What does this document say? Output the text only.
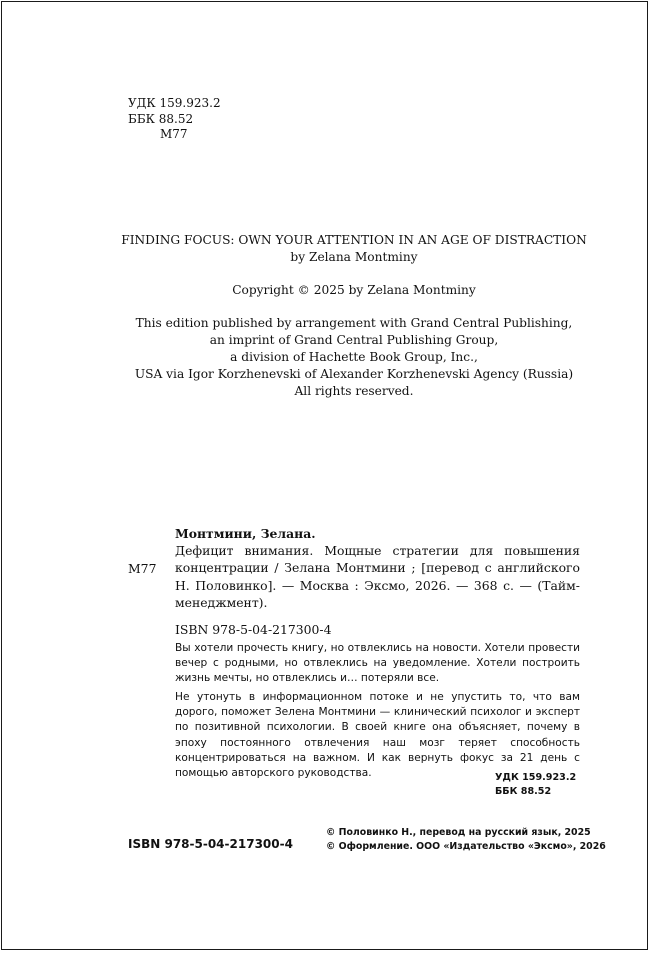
УДК 159.923.2
ББК 88.52
М77
FINDING FOCUS: OWN YOUR ATTENTION IN AN AGE OF DISTRACTION
by Zelana Montminy
Copyright © 2025 by Zelana Montminy
This edition published by arrangement with Grand Central Publishing,
an imprint of Grand Central Publishing Group,
a division of Hachette Book Group, Inc.,
USA via Igor Korzhenevski of Alexander Korzhenevski Agency (Russia)
All rights reserved.
Монтмини, Зелана.
М77
Дефицит внимания. Мощные стратегии для повышения концентрации / Зелана Монтмини ; [перевод с английского Н. Половинко]. — Москва : Эксмо, 2026. — 368 с. — (Тайм-менеджмент).
ISBN 978-5-04-217300-4

Вы хотели прочесть книгу, но отвлеклись на новости. Хотели провести вечер с родными, но отвлеклись на уведомление. Хотели построить жизнь мечты, но отвлеклись и… потеряли все.

Не утонуть в информационном потоке и не упустить то, что вам дорого, поможет Зелена Монтмини — клинический психолог и эксперт по позитивной психологии. В своей книге она объясняет, почему в эпоху постоянного отвлечения наш мозг теряет способность концентрироваться на важном. И как вернуть фокус за 21 день с помощью авторского руководства.	УДК 159.923.2
ББК 88.52
ISBN 978-5-04-217300-4
© Половинко Н., перевод на русский язык, 2025
© Оформление. ООО «Издательство «Эксмо», 2026
